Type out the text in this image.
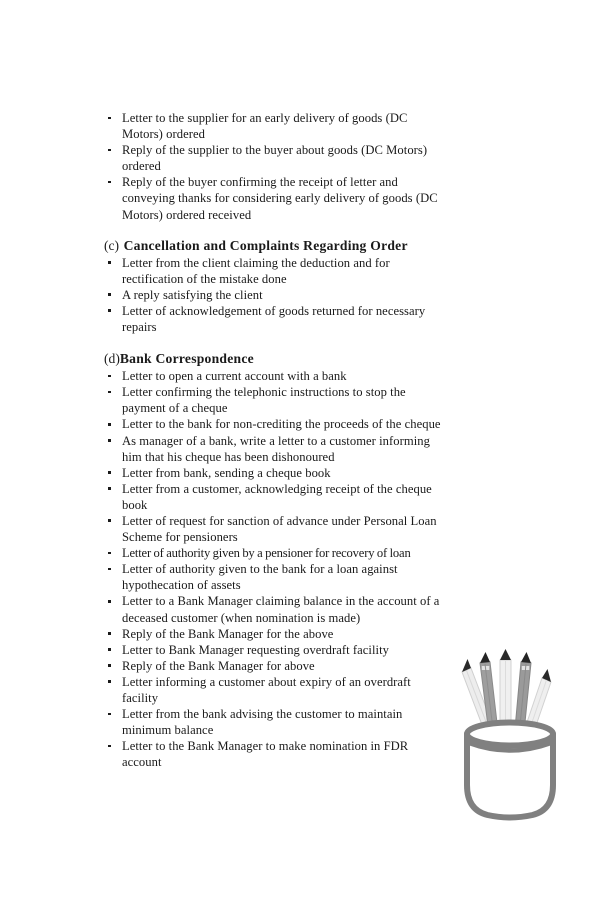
Letter to the supplier for an early delivery of goods (DC Motors) ordered
Reply of the supplier to the buyer about goods (DC Motors) ordered
Reply of the buyer confirming the receipt of letter and conveying thanks for considering early delivery of goods (DC Motors) ordered received

(c) Cancellation and Complaints Regarding Order

Letter from the client claiming the deduction and for rectification of the mistake done
A reply satisfying the client
Letter of acknowledgement of goods returned for necessary repairs

(d)Bank Correspondence

Letter to open a current account with a bank
Letter confirming the telephonic instructions to stop the payment of a cheque
Letter to the bank for non-crediting the proceeds of the cheque
As manager of a bank, write a letter to a customer informing him that his cheque has been dishonoured
Letter from bank, sending a cheque book
Letter from a customer, acknowledging receipt of the cheque book
Letter of request for sanction of advance under Personal Loan Scheme for pensioners
Letter of authority given by a pensioner for recovery of loan
Letter of authority given to the bank for a loan against hypothecation of assets
Letter to a Bank Manager claiming balance in the account of a deceased customer (when nomination is made)
Reply of the Bank Manager for the above
Letter to Bank Manager requesting overdraft facility
Reply of the Bank Manager for above
Letter informing a customer about expiry of an overdraft facility
Letter from the bank advising the customer to maintain minimum balance
Letter to the Bank Manager to make nomination in FDR account
